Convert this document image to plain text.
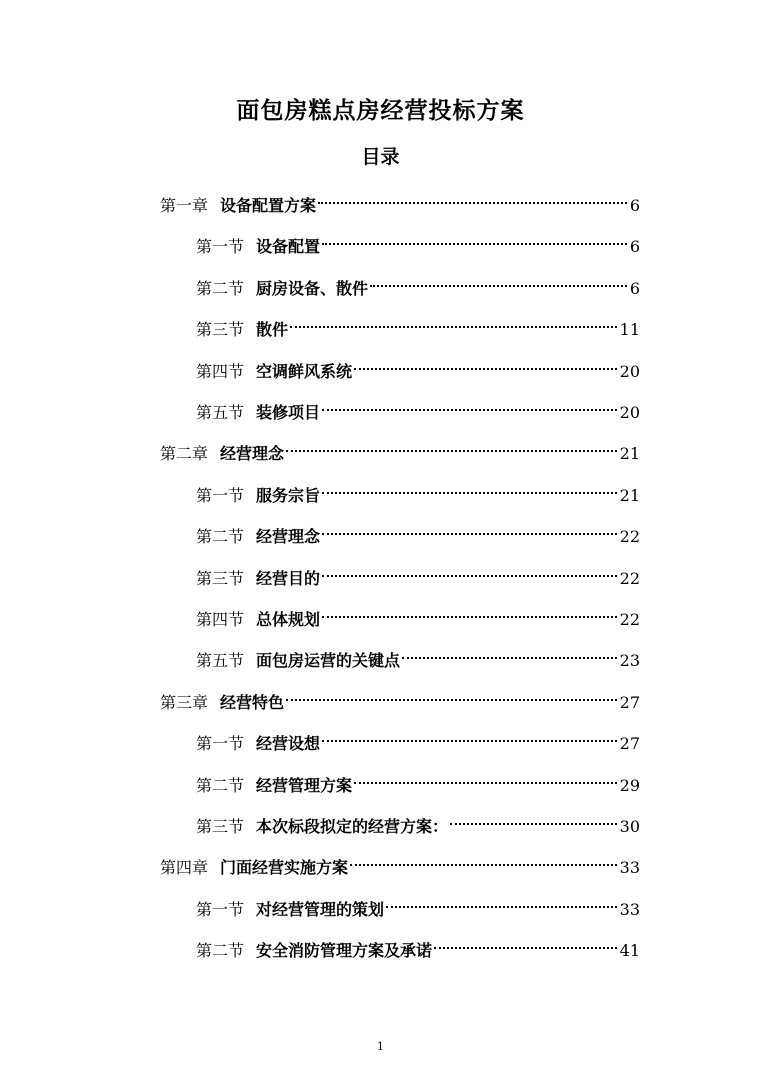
面包房糕点房经营投标方案
目录
第一章 设备配置方案	6
第一节 设备配置	6
第二节 厨房设备、散件	6
第三节 散件	11
第四节 空调鲜风系统	20
第五节 装修项目	20
第二章 经营理念	21
第一节 服务宗旨	21
第二节 经营理念	22
第三节 经营目的	22
第四节 总体规划	22
第五节 面包房运营的关键点	23
第三章 经营特色	27
第一节 经营设想	27
第二节 经营管理方案	29
第三节 本次标段拟定的经营方案：	30
第四章 门面经营实施方案	33
第一节 对经营管理的策划	33
第二节 安全消防管理方案及承诺	41
1
